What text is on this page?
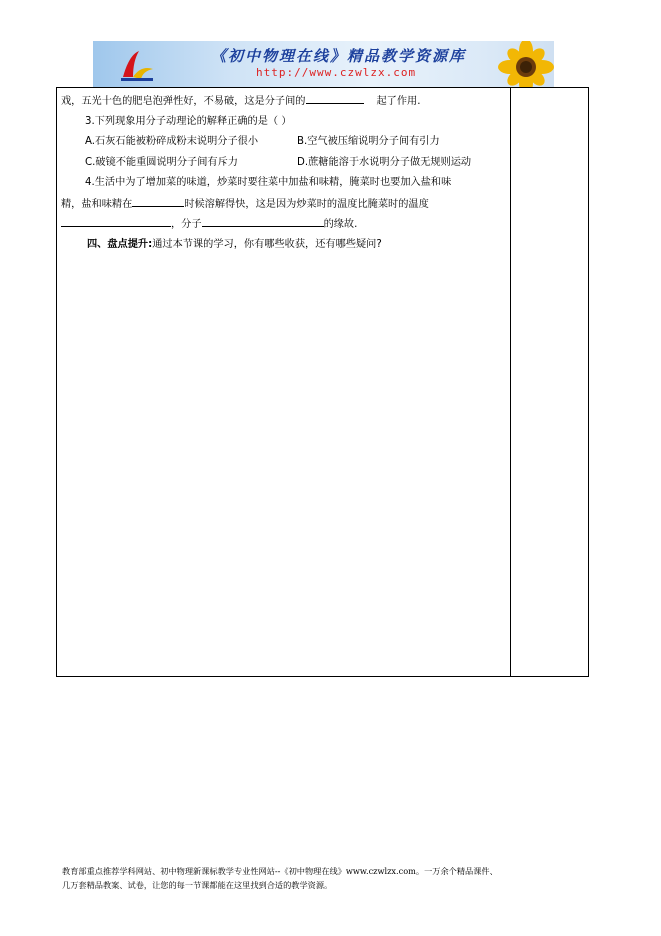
《初中物理在线》精品教学资源库
http://www.czwlzx.com
戏，五光十色的肥皂泡弹性好，不易破，这是分子间的	起了作用.
3.下列现象用分子动理论的解释正确的是（ ）
A.石灰石能被粉碎成粉末说明分子很小	B.空气被压缩说明分子间有引力
C.破镜不能重圆说明分子间有斥力	D.蔗糖能溶于水说明分子做无规则运动
4.生活中为了增加菜的味道，炒菜时要往菜中加盐和味精，腌菜时也要加入盐和味
精，盐和味精在	时候溶解得快，这是因为炒菜时的温度比腌菜时的温度
，分子	的缘故.
四、盘点提升:通过本节课的学习，你有哪些收获，还有哪些疑问?
教育部重点推荐学科网站、初中物理新课标教学专业性网站--《初中物理在线》www.czwlzx.com。一万余个精品课件、
几万套精品教案、试卷，让您的每一节课都能在这里找到合适的教学资源。
